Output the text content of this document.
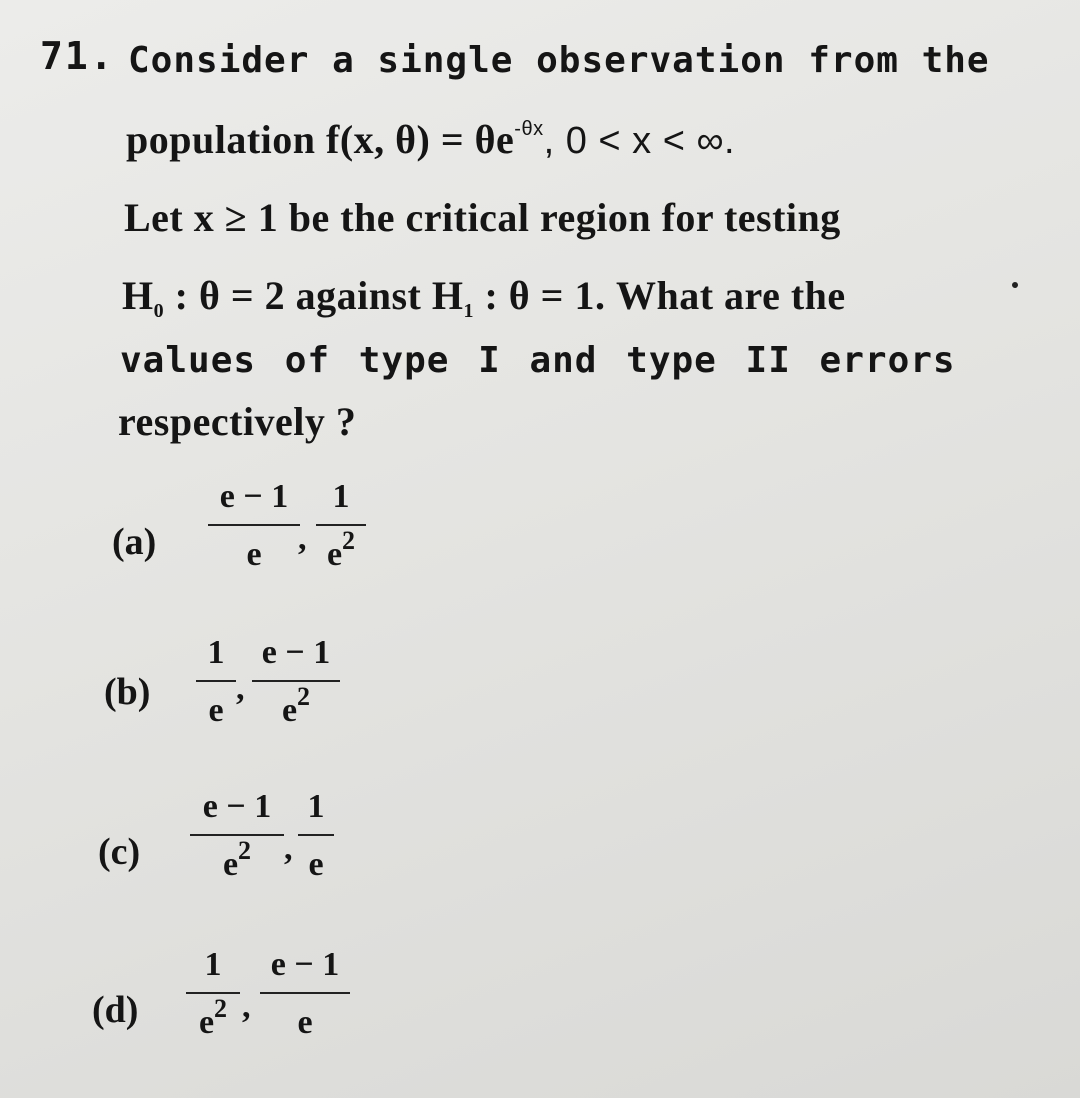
71. Consider a single observation from the
population f(x, $\theta) = \theta e^{-\theta x}$, 0 < x < ∞.
Let x ≥ 1 be the critical region for testing
$H_0$ : θ = 2 against $H_1$ : θ = 1. What are the
values of type I and type II errors
respectively ?
(a)
e − 1
e	,
1
$e^2$
(b)
1
e
,
e − 1
$e^2$
(c)
e − 1
$e^2$ ,
1
e
(d)
1
$e^2$ ,
e − 1
e
